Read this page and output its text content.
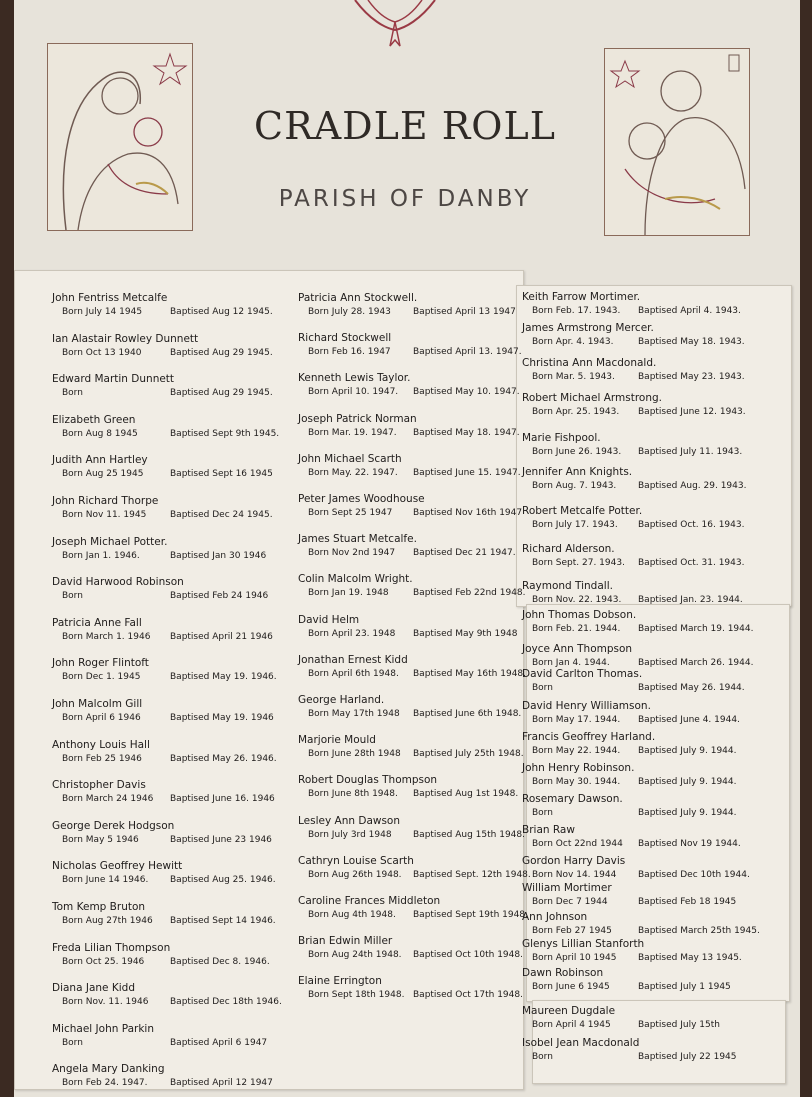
CRADLE ROLL
PARISH OF DANBY
John Fentriss Metcalfe
Born July 14 1945	Baptised Aug 12 1945.
Ian Alastair Rowley Dunnett
Born Oct 13 1940	Baptised Aug 29 1945.
Edward Martin Dunnett
Born	Baptised Aug 29 1945.
Elizabeth Green
Born Aug 8 1945	Baptised Sept 9th 1945.
Judith Ann Hartley
Born Aug 25 1945	Baptised Sept 16 1945
John Richard Thorpe
Born Nov 11. 1945	Baptised Dec 24 1945.
Joseph Michael Potter.
Born Jan 1. 1946.	Baptised Jan 30 1946
David Harwood Robinson
Born	Baptised Feb 24 1946
Patricia Anne Fall
Born March 1. 1946 Baptised April 21 1946
John Roger Flintoft
Born Dec 1. 1945	Baptised May 19. 1946.
John Malcolm Gill
Born April 6 1946	Baptised May 19. 1946
Anthony Louis Hall
Born Feb 25 1946	Baptised May 26. 1946.
Christopher Davis
Born March 24 1946 Baptised June 16. 1946
George Derek Hodgson
Born May 5 1946	Baptised June 23 1946
Nicholas Geoffrey Hewitt
Born June 14 1946. Baptised Aug 25. 1946.
Tom Kemp Bruton
Born Aug 27th 1946 Baptised Sept 14 1946.
Freda Lilian Thompson
Born Oct 25. 1946	Baptised Dec 8. 1946.
Diana Jane Kidd
Born Nov. 11. 1946 Baptised Dec 18th 1946.
Michael John Parkin
Born	Baptised April 6 1947
Angela Mary Danking
Born Feb 24. 1947. Baptised April 12 1947
Patricia Ann Stockwell.
Born July 28. 1943 Baptised April 13 1947
Richard Stockwell
Born Feb 16. 1947 Baptised April 13. 1947.
Kenneth Lewis Taylor.
Born April 10. 1947. Baptised May 10. 1947.
Joseph Patrick Norman
Born Mar. 19. 1947. Baptised May 18. 1947.
John Michael Scarth
Born May. 22. 1947. Baptised June 15. 1947.
Peter James Woodhouse
Born Sept 25 1947 Baptised Nov 16th 1947
James Stuart Metcalfe.
Born Nov 2nd 1947 Baptised Dec 21 1947.
Colin Malcolm Wright.
Born Jan 19. 1948	Baptised Feb 22nd 1948.
David Helm
Born April 23. 1948 Baptised May 9th 1948
Jonathan Ernest Kidd
Born April 6th 1948. Baptised May 16th 1948.
George Harland.
Born May 17th 1948 Baptised June 6th 1948.
Marjorie Mould
Born June 28th 1948 Baptised July 25th 1948.
Robert Douglas Thompson
Born June 8th 1948. Baptised Aug 1st 1948.
Lesley Ann Dawson
Born July 3rd 1948 Baptised Aug 15th 1948.
Cathryn Louise Scarth
Born Aug 26th 1948. Baptised Sept. 12th 1948.
Caroline Frances Middleton
Born Aug 4th 1948. Baptised Sept 19th 1948.
Brian Edwin Miller
Born Aug 24th 1948. Baptised Oct 10th 1948.
Elaine Errington
Born Sept 18th 1948. Baptised Oct 17th 1948.
Keith Farrow Mortimer.
Born Feb. 17. 1943. Baptised April 4. 1943.
James Armstrong Mercer.
Born Apr. 4. 1943.	Baptised May 18. 1943.
Christina Ann Macdonald.
Born Mar. 5. 1943.	Baptised May 23. 1943.
Robert Michael Armstrong.
Born Apr. 25. 1943. Baptised June 12. 1943.
Marie Fishpool.
Born June 26. 1943. Baptised July 11. 1943.
Jennifer Ann Knights.
Born Aug. 7. 1943. Baptised Aug. 29. 1943.
Robert Metcalfe Potter.
Born July 17. 1943. Baptised Oct. 16. 1943.
Richard Alderson.
Born Sept. 27. 1943. Baptised Oct. 31. 1943.
Raymond Tindall.
Born Nov. 22. 1943. Baptised Jan. 23. 1944.
John Thomas Dobson.
Born Feb. 21. 1944. Baptised March 19. 1944.
Joyce Ann Thompson
Born Jan 4. 1944.	Baptised March 26. 1944.
David Carlton Thomas.
Born	Baptised May 26. 1944.
David Henry Williamson.
Born May 17. 1944. Baptised June 4. 1944.
Francis Geoffrey Harland.
Born May 22. 1944. Baptised July 9. 1944.
John Henry Robinson.
Born May 30. 1944. Baptised July 9. 1944.
Rosemary Dawson.
Born	Baptised July 9. 1944.
Brian Raw
Born Oct 22nd 1944 Baptised Nov 19 1944.
Gordon Harry Davis
Born Nov 14. 1944 Baptised Dec 10th 1944.
William Mortimer
Born Dec 7 1944	Baptised Feb 18 1945
Ann Johnson
Born Feb 27 1945	Baptised March 25th 1945.
Glenys Lillian Stanforth
Born April 10 1945 Baptised May 13 1945.
Dawn Robinson
Born June 6 1945	Baptised July 1 1945
Maureen Dugdale
Born April 4 1945	Baptised July 15th
Isobel Jean Macdonald
Born	Baptised July 22 1945
